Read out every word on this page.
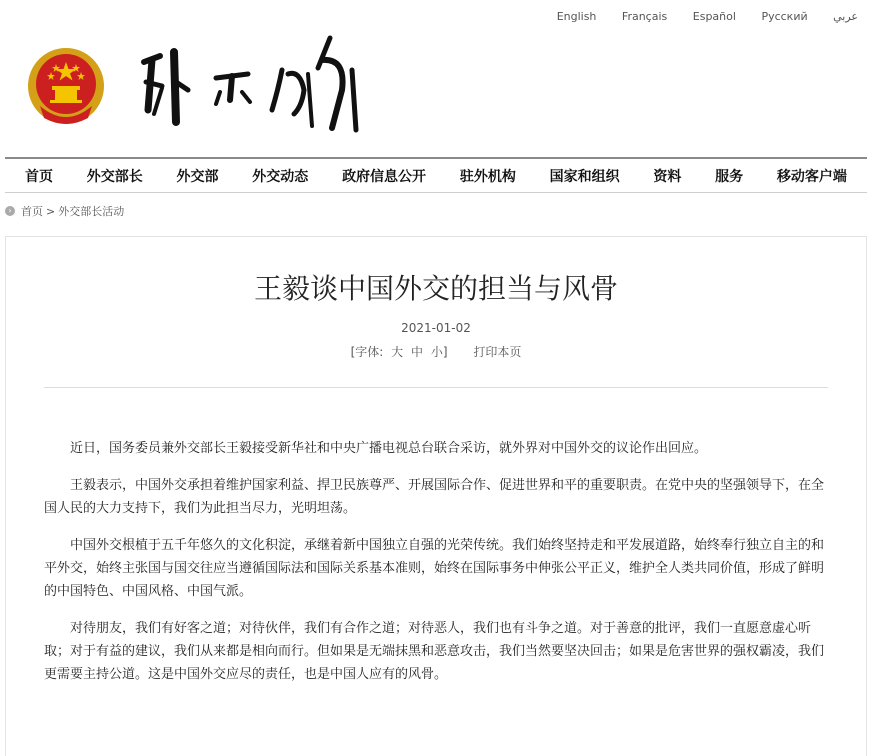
English Français Español Русский عربي
首页 外交部长 外交部 外交动态 政府信息公开 驻外机构 国家和组织 资料 服务 移动客户端
› 首页 > 外交部长活动
王毅谈中国外交的担当与风骨
2021-01-02
[字体: 大 中 小] 打印本页

近日，国务委员兼外交部长王毅接受新华社和中央广播电视总台联合采访，就外界对中国外交的议论作出回应。

王毅表示，中国外交承担着维护国家利益、捍卫民族尊严、开展国际合作、促进世界和平的重要职责。在党中央的坚强领导下，在全国人民的大力支持下，我们为此担当尽力，光明坦荡。

中国外交根植于五千年悠久的文化积淀，承继着新中国独立自强的光荣传统。我们始终坚持走和平发展道路，始终奉行独立自主的和平外交，始终主张国与国交往应当遵循国际法和国际关系基本准则，始终在国际事务中伸张公平正义，维护全人类共同价值，形成了鲜明的中国特色、中国风格、中国气派。

对待朋友，我们有好客之道；对待伙伴，我们有合作之道；对待恶人，我们也有斗争之道。对于善意的批评，我们一直愿意虚心听取；对于有益的建议，我们从来都是相向而行。但如果是无端抹黑和恶意攻击，我们当然要坚决回击；如果是危害世界的强权霸凌，我们更需要主持公道。这是中国外交应尽的责任，也是中国人应有的风骨。
